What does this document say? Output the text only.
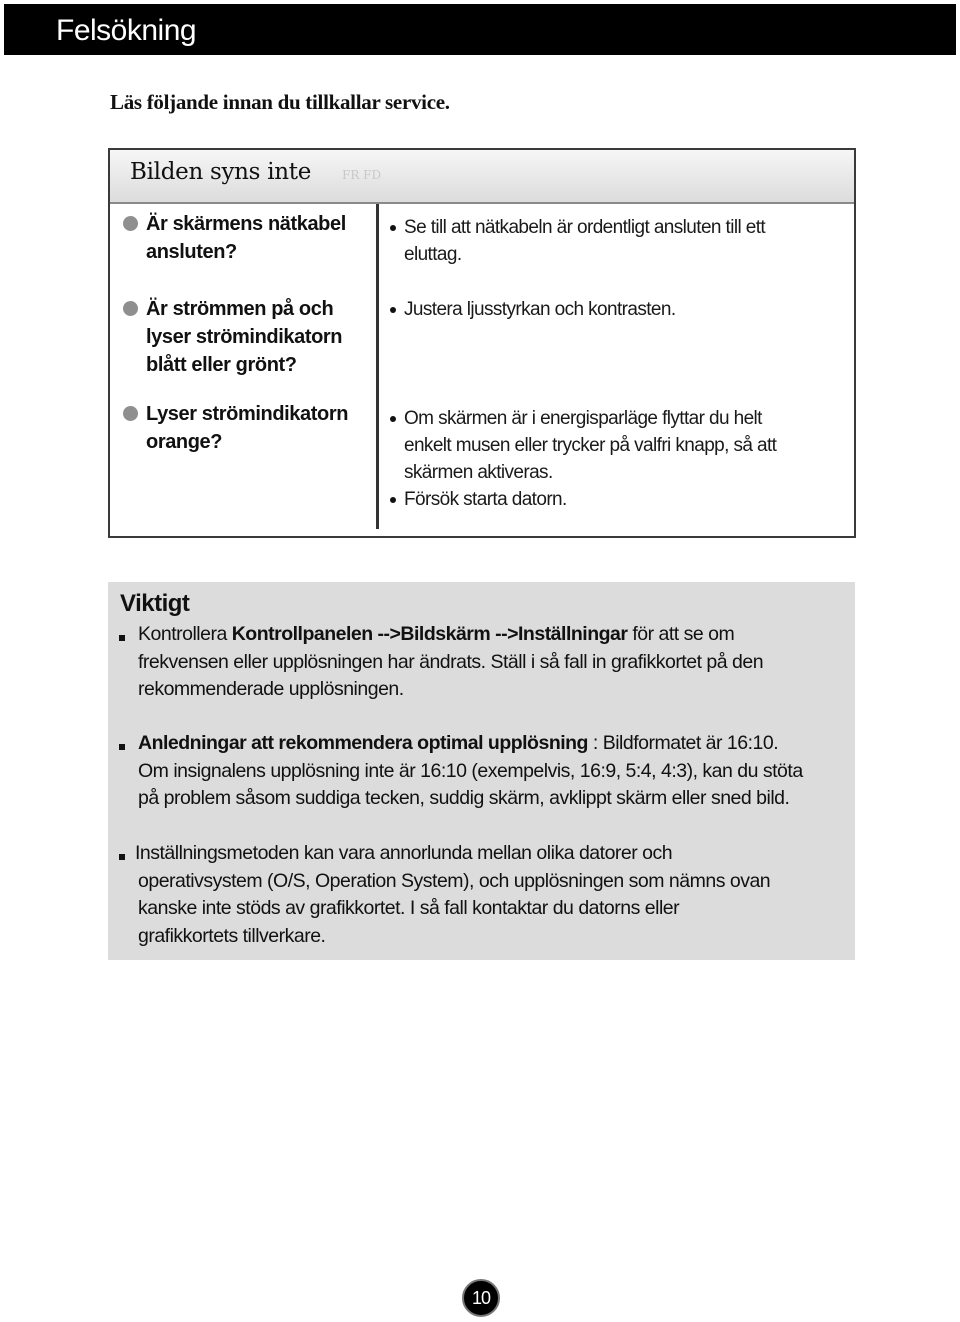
Felsökning
Läs följande innan du tillkallar service.
Bilden syns inte	FR FD
Är skärmens nätkabel
ansluten?
Är strömmen på och
lyser strömindikatorn
blått eller grönt?
Lyser strömindikatorn
orange?
Se till att nätkabeln är ordentligt ansluten till ett
eluttag.
Justera ljusstyrkan och kontrasten.
Om skärmen är i energisparläge flyttar du helt
enkelt musen eller trycker på valfri knapp, så att
skärmen aktiveras.
Försök starta datorn.
Viktigt
Kontrollera Kontrollpanelen -->Bildskärm -->Inställningar för att se om
frekvensen eller upplösningen har ändrats. Ställ i så fall in grafikkortet på den
rekommenderade upplösningen.
Anledningar att rekommendera optimal upplösning : Bildformatet är 16:10.
Om insignalens upplösning inte är 16:10 (exempelvis, 16:9, 5:4, 4:3), kan du stöta
på problem såsom suddiga tecken, suddig skärm, avklippt skärm eller sned bild.
Inställningsmetoden kan vara annorlunda mellan olika datorer och
operativsystem (O/S, Operation System), och upplösningen som nämns ovan
kanske inte stöds av grafikkortet. I så fall kontaktar du datorns eller
grafikkortets tillverkare.
10
